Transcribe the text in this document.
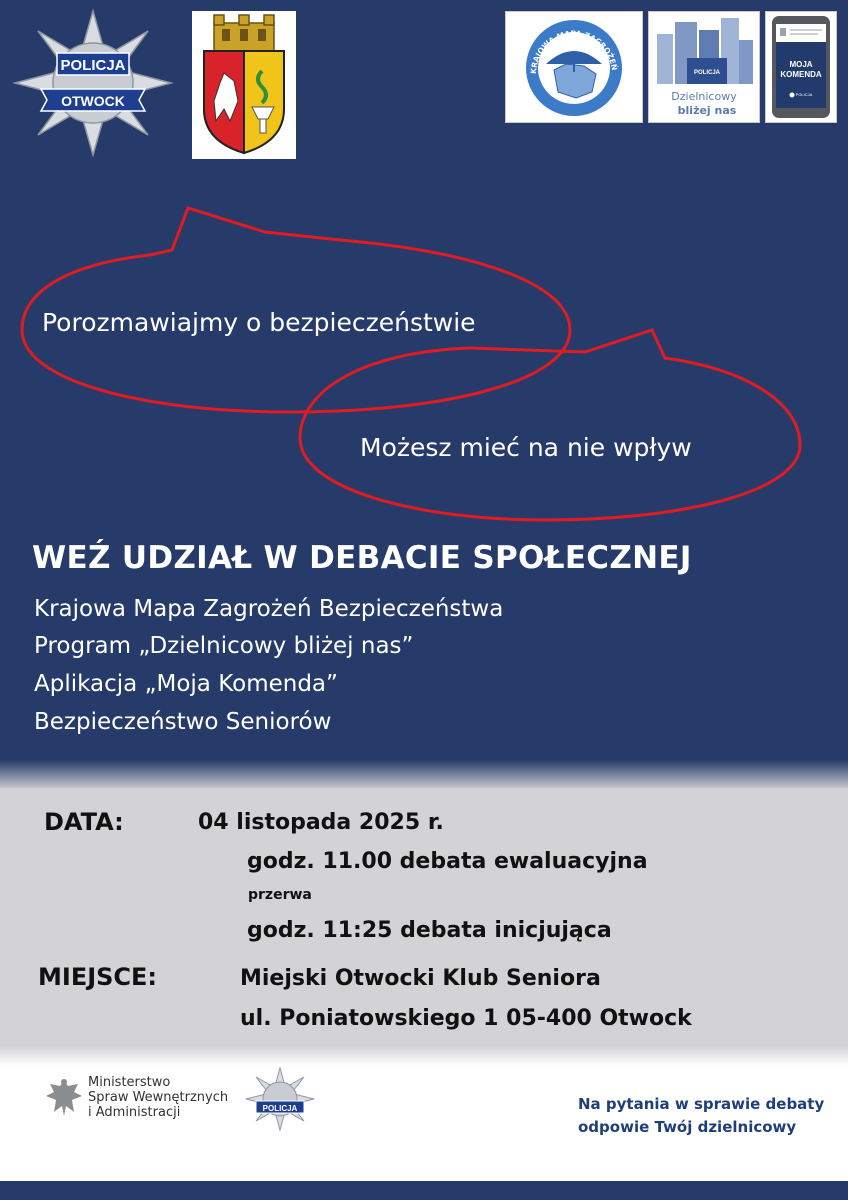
POLICJA
OTWOCK
KRAJOWA MAPA ZAGROŻEŃ
POLICJA
Dzielnicowy
bliżej nas
MOJA
KOMENDA
POLICJA
Porozmawiajmy o bezpieczeństwie
Możesz mieć na nie wpływ
WEŹ UDZIAŁ W DEBACIE SPOŁECZNEJ
Krajowa Mapa Zagrożeń Bezpieczeństwa
Program „Dzielnicowy bliżej nas”
Aplikacja „Moja Komenda”
Bezpieczeństwo Seniorów
DATA:	04 listopada 2025 r.
godz. 11.00 debata ewaluacyjna
przerwa
godz. 11:25 debata inicjująca
MIEJSCE:	Miejski Otwocki Klub Seniora
ul. Poniatowskiego 1 05-400 Otwock
Ministerstwo
Spraw Wewnętrznych
i Administracji	POLICJA	Na pytania w sprawie debaty
odpowie Twój dzielnicowy
